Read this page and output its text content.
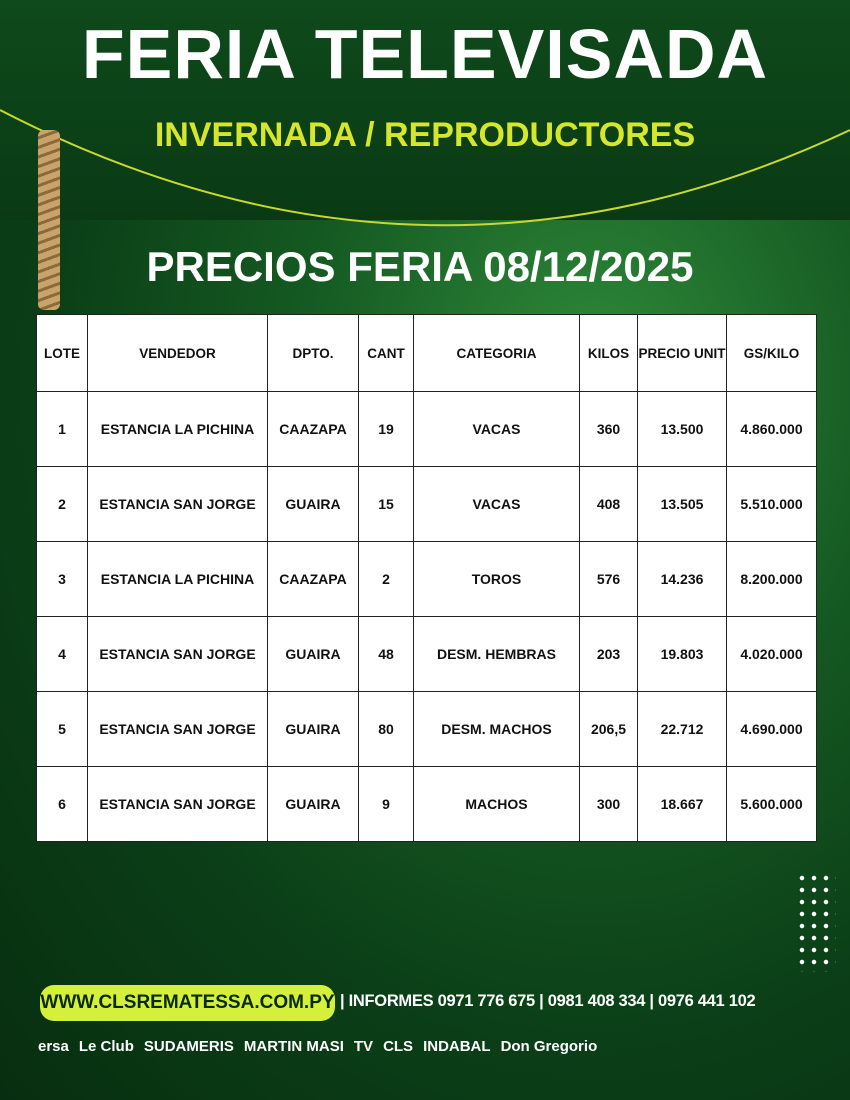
FERIA TELEVISADA
INVERNADA / REPRODUCTORES
PRECIOS FERIA 08/12/2025
LOTE	VENDEDOR	DPTO.	CANT	CATEGORIA	KILOS	PRECIO UNIT	GS/KILO
1	ESTANCIA LA PICHINA	CAAZAPA	19	VACAS	360	13.500	4.860.000
2	ESTANCIA SAN JORGE	GUAIRA	15	VACAS	408	13.505	5.510.000
3	ESTANCIA LA PICHINA	CAAZAPA	2	TOROS	576	14.236	8.200.000
4	ESTANCIA SAN JORGE	GUAIRA	48	DESM. HEMBRAS	203	19.803	4.020.000
5	ESTANCIA SAN JORGE	GUAIRA	80	DESM. MACHOS	206,5	22.712	4.690.000
6	ESTANCIA SAN JORGE	GUAIRA	9	MACHOS	300	18.667	5.600.000
WWW.CLSREMATESSA.COM.PY | INFORMES 0971 776 675 | 0981 408 334 | 0976 441 102
ersa Le Club SUDAMERIS MARTIN MASI TV CLS INDABAL Don Gregorio
